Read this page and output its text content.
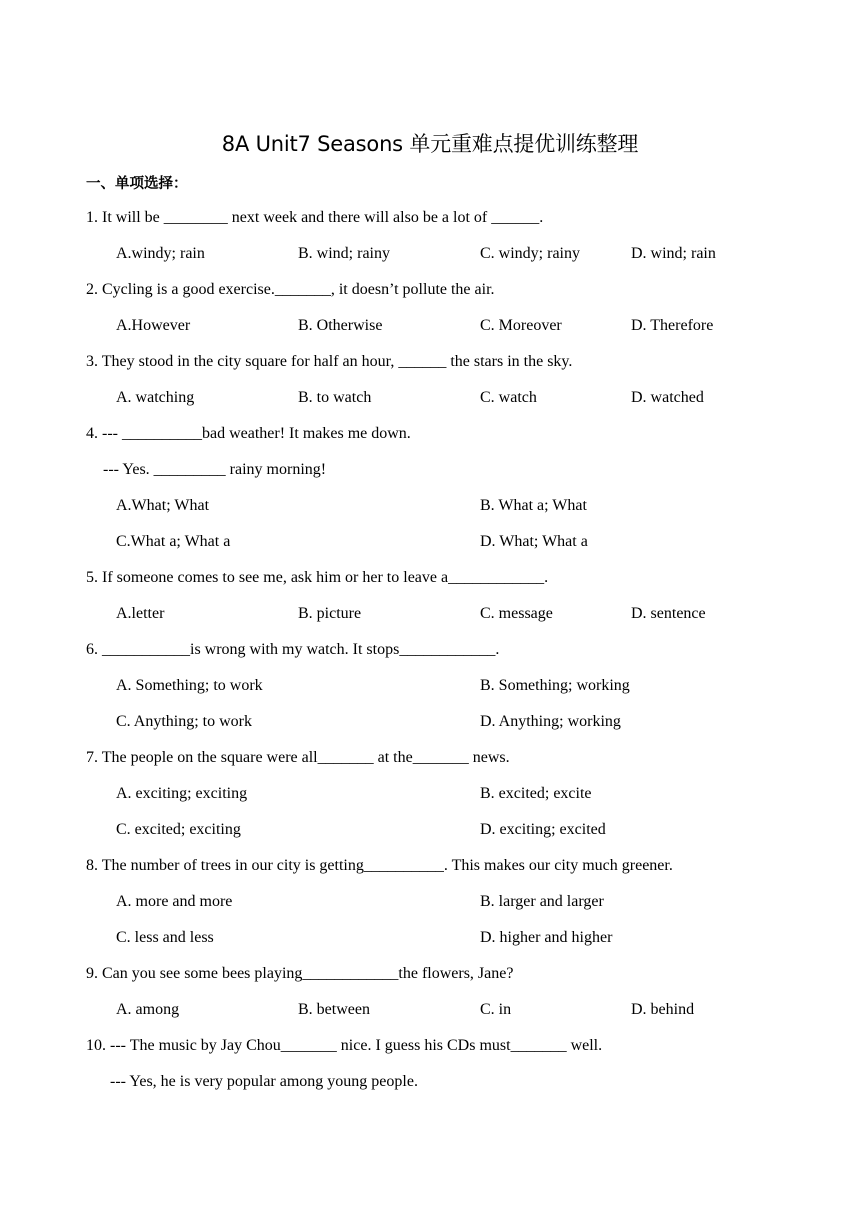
8A Unit7 Seasons 单元重难点提优训练整理
一、单项选择：
1. It will be ________ next week and there will also be a lot of ______.
A.windy; rain	B. wind; rainy	C. windy; rainy	D. wind; rain
2. Cycling is a good exercise._______, it doesn’t pollute the air.
A.However	B. Otherwise	C. Moreover	D. Therefore
3. They stood in the city square for half an hour, ______ the stars in the sky.
A. watching	B. to watch	C. watch	D. watched
4. --- __________bad weather! It makes me down.
--- Yes. _________ rainy morning!
A.What; What	B. What a; What
C.What a; What a	D. What; What a
5. If someone comes to see me, ask him or her to leave a____________.
A.letter	B. picture	C. message	D. sentence
6. ___________is wrong with my watch. It stops____________.
A. Something; to work	B. Something; working
C. Anything; to work	D. Anything; working
7. The people on the square were all_______ at the_______ news.
A. exciting; exciting	B. excited; excite
C. excited; exciting	D. exciting; excited
8. The number of trees in our city is getting__________. This makes our city much greener.
A. more and more	B. larger and larger
C. less and less	D. higher and higher
9. Can you see some bees playing____________the flowers, Jane?
A. among	B. between	C. in	D. behind
10. --- The music by Jay Chou_______ nice. I guess his CDs must_______ well.
--- Yes, he is very popular among young people.
